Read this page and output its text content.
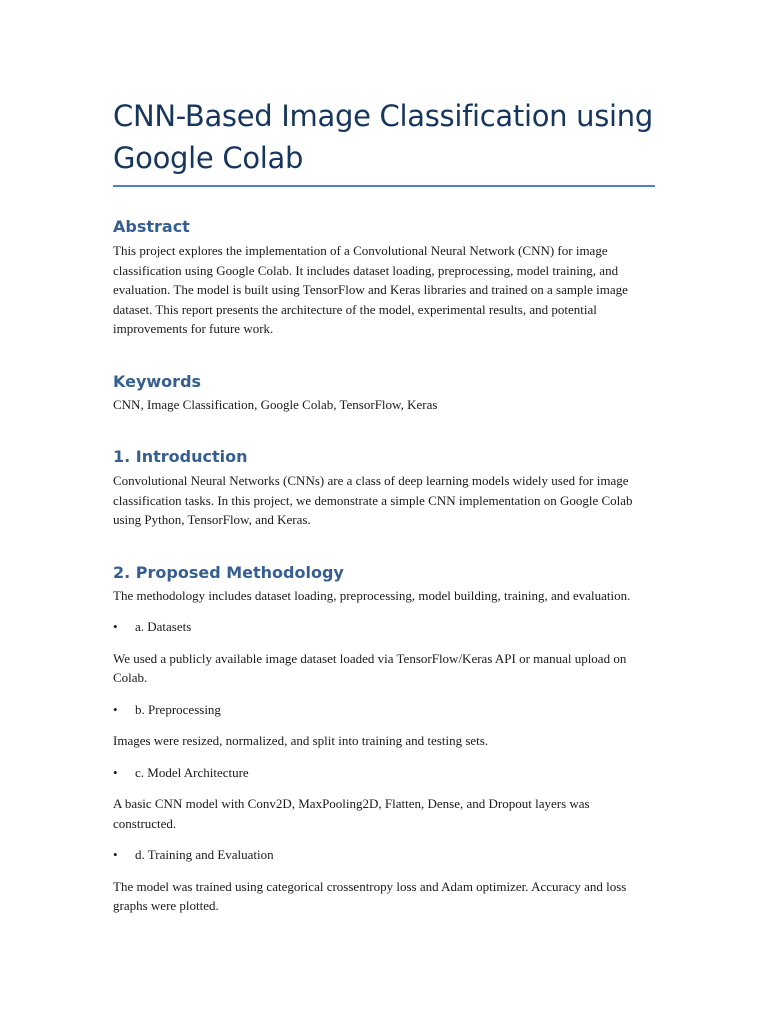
CNN-Based Image Classification using Google Colab
Abstract

This project explores the implementation of a Convolutional Neural Network (CNN) for image classification using Google Colab. It includes dataset loading, preprocessing, model training, and evaluation. The model is built using TensorFlow and Keras libraries and trained on a sample image dataset. This report presents the architecture of the model, experimental results, and potential improvements for future work.

Keywords

CNN, Image Classification, Google Colab, TensorFlow, Keras

1. Introduction

Convolutional Neural Networks (CNNs) are a class of deep learning models widely used for image classification tasks. In this project, we demonstrate a simple CNN implementation on Google Colab using Python, TensorFlow, and Keras.

2. Proposed Methodology

The methodology includes dataset loading, preprocessing, model building, training, and evaluation.

•	a. Datasets

We used a publicly available image dataset loaded via TensorFlow/Keras API or manual upload on Colab.

•	b. Preprocessing

Images were resized, normalized, and split into training and testing sets.

•	c. Model Architecture

A basic CNN model with Conv2D, MaxPooling2D, Flatten, Dense, and Dropout layers was constructed.

•	d. Training and Evaluation

The model was trained using categorical crossentropy loss and Adam optimizer. Accuracy and loss graphs were plotted.
